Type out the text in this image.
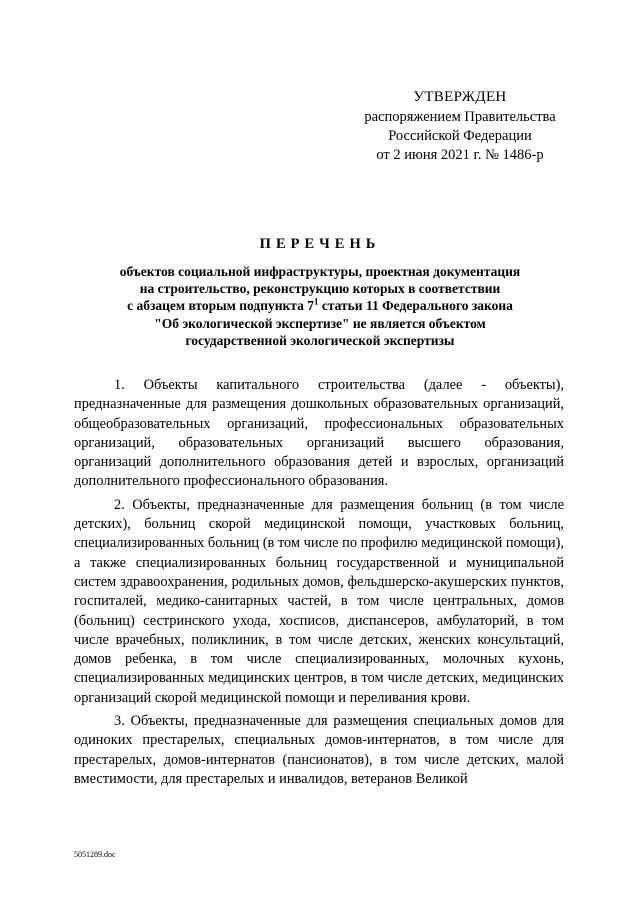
УТВЕРЖДЕН
распоряжением Правительства
Российской Федерации
от 2 июня 2021 г. № 1486-р
ПЕРЕЧЕНЬ
объектов социальной инфраструктуры, проектная документация
на строительство, реконструкцию которых в соответствии
с абзацем вторым подпункта $7^1$ статьи 11 Федерального закона
"Об экологической экспертизе" не является объектом
государственной экологической экспертизы

1. Объекты капитального строительства (далее - объекты), предназначенные для размещения дошкольных образовательных организаций, общеобразовательных организаций, профессиональных образовательных организаций, образовательных организаций высшего образования, организаций дополнительного образования детей и взрослых, организаций дополнительного профессионального образования.

2. Объекты, предназначенные для размещения больниц (в том числе детских), больниц скорой медицинской помощи, участковых больниц, специализированных больниц (в том числе по профилю медицинской помощи), а также специализированных больниц государственной и муниципальной систем здравоохранения, родильных домов, фельдшерско-акушерских пунктов, госпиталей, медико-санитарных частей, в том числе центральных, домов (больниц) сестринского ухода, хосписов, диспансеров, амбулаторий, в том числе врачебных, поликлиник, в том числе детских, женских консультаций, домов ребенка, в том числе специализированных, молочных кухонь, специализированных медицинских центров, в том числе детских, медицинских организаций скорой медицинской помощи и переливания крови.

3. Объекты, предназначенные для размещения специальных домов для одиноких престарелых, специальных домов-интернатов, в том числе для престарелых, домов-интернатов (пансионатов), в том числе детских, малой вместимости, для престарелых и инвалидов, ветеранов Великой

5051289.doc
